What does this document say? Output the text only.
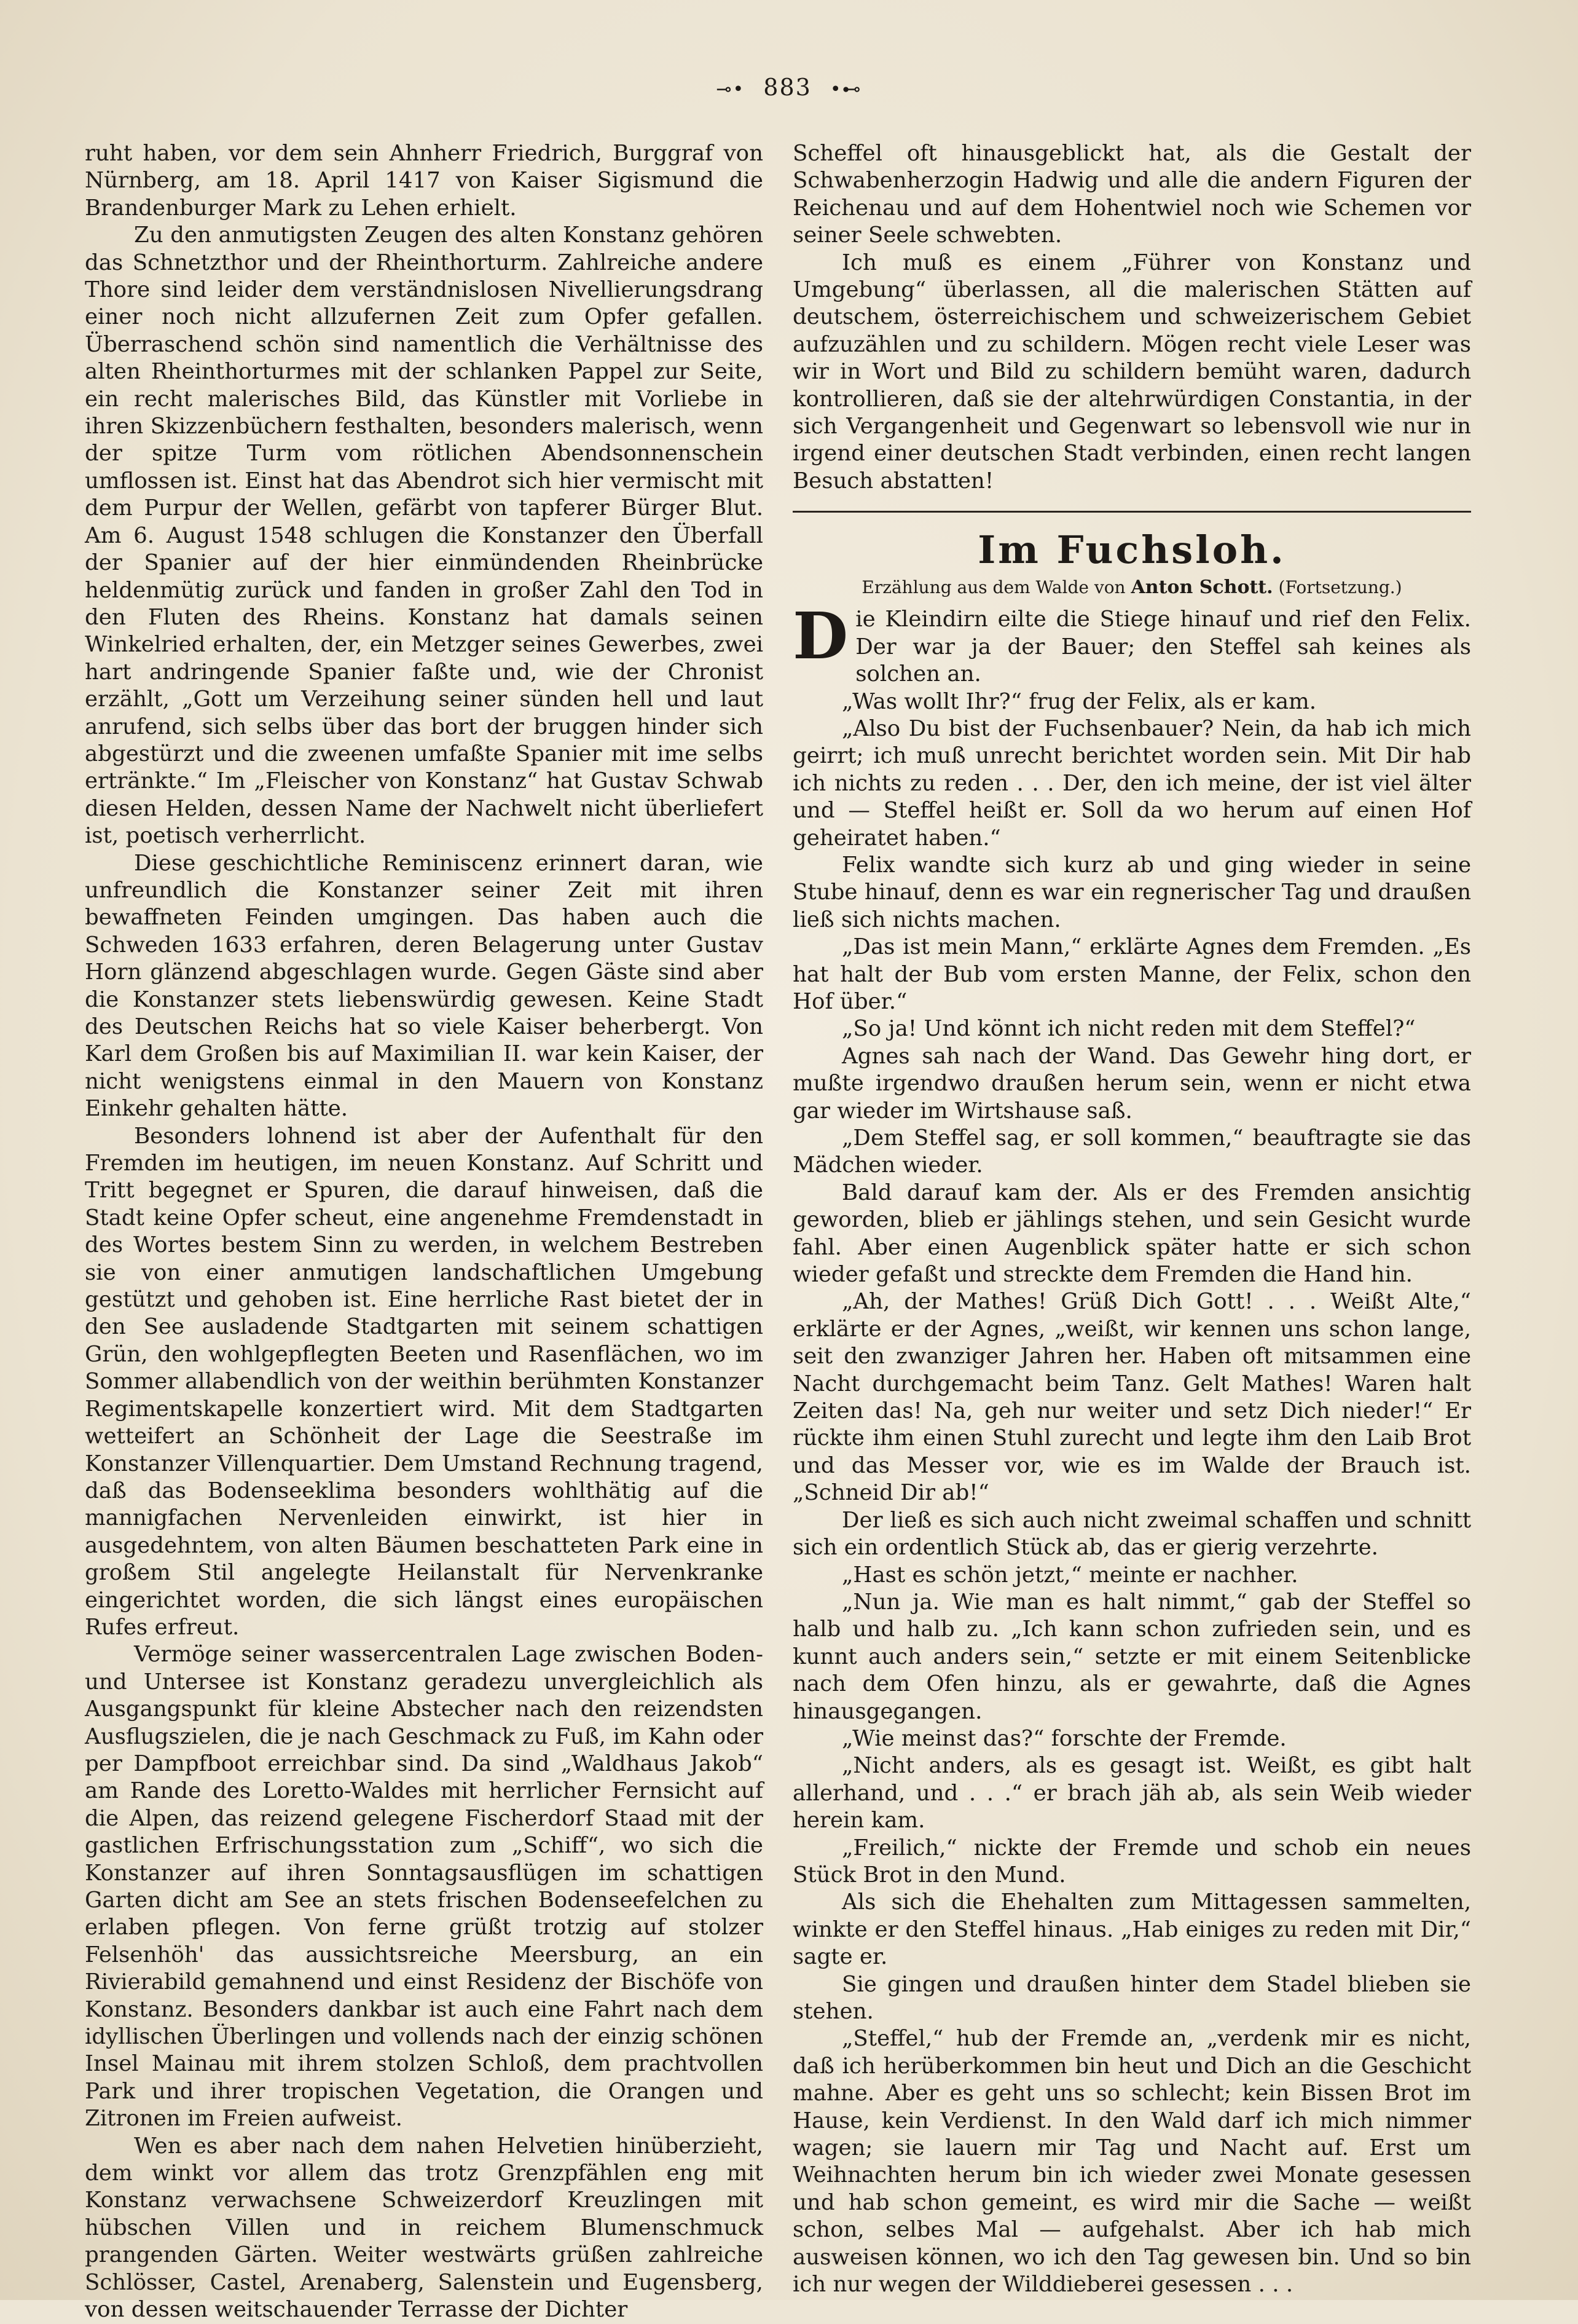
⊸• 883 •⊷

ruht haben, vor dem sein Ahnherr Friedrich, Burggraf von Nürnberg, am 18. April 1417 von Kaiser Sigismund die Brandenburger Mark zu Lehen erhielt.

Zu den anmutigsten Zeugen des alten Konstanz gehören das Schnetzthor und der Rheinthorturm. Zahlreiche andere Thore sind leider dem verständnislosen Nivellierungsdrang einer noch nicht allzufernen Zeit zum Opfer gefallen. Überraschend schön sind namentlich die Verhältnisse des alten Rheinthorturmes mit der schlanken Pappel zur Seite, ein recht malerisches Bild, das Künstler mit Vorliebe in ihren Skizzenbüchern festhalten, besonders malerisch, wenn der spitze Turm vom rötlichen Abendsonnenschein umflossen ist. Einst hat das Abendrot sich hier vermischt mit dem Purpur der Wellen, gefärbt von tapferer Bürger Blut. Am 6. August 1548 schlugen die Konstanzer den Überfall der Spanier auf der hier einmündenden Rheinbrücke heldenmütig zurück und fanden in großer Zahl den Tod in den Fluten des Rheins. Konstanz hat damals seinen Winkelried erhalten, der, ein Metzger seines Gewerbes, zwei hart andringende Spanier faßte und, wie der Chronist erzählt, „Gott um Verzeihung seiner sünden hell und laut anrufend, sich selbs über das bort der bruggen hinder sich abgestürzt und die zweenen umfaßte Spanier mit ime selbs ertränkte.“ Im „Fleischer von Konstanz“ hat Gustav Schwab diesen Helden, dessen Name der Nachwelt nicht überliefert ist, poetisch verherrlicht.

Diese geschichtliche Reminiscenz erinnert daran, wie unfreundlich die Konstanzer seiner Zeit mit ihren bewaffneten Feinden umgingen. Das haben auch die Schweden 1633 erfahren, deren Belagerung unter Gustav Horn glänzend abgeschlagen wurde. Gegen Gäste sind aber die Konstanzer stets liebenswürdig gewesen. Keine Stadt des Deutschen Reichs hat so viele Kaiser beherbergt. Von Karl dem Großen bis auf Maximilian II. war kein Kaiser, der nicht wenigstens einmal in den Mauern von Konstanz Einkehr gehalten hätte.

Besonders lohnend ist aber der Aufenthalt für den Fremden im heutigen, im neuen Konstanz. Auf Schritt und Tritt begegnet er Spuren, die darauf hinweisen, daß die Stadt keine Opfer scheut, eine angenehme Fremdenstadt in des Wortes bestem Sinn zu werden, in welchem Bestreben sie von einer anmutigen landschaftlichen Umgebung gestützt und gehoben ist. Eine herrliche Rast bietet der in den See ausladende Stadtgarten mit seinem schattigen Grün, den wohlgepflegten Beeten und Rasenflächen, wo im Sommer allabendlich von der weithin berühmten Konstanzer Regimentskapelle konzertiert wird. Mit dem Stadtgarten wetteifert an Schönheit der Lage die Seestraße im Konstanzer Villenquartier. Dem Umstand Rechnung tragend, daß das Bodenseeklima besonders wohlthätig auf die mannigfachen Nervenleiden einwirkt, ist hier in ausgedehntem, von alten Bäumen beschatteten Park eine in großem Stil angelegte Heilanstalt für Nervenkranke eingerichtet worden, die sich längst eines europäischen Rufes erfreut.

Vermöge seiner wassercentralen Lage zwischen Boden- und Untersee ist Konstanz geradezu unvergleichlich als Ausgangspunkt für kleine Abstecher nach den reizendsten Ausflugszielen, die je nach Geschmack zu Fuß, im Kahn oder per Dampfboot erreichbar sind. Da sind „Waldhaus Jakob“ am Rande des Loretto-Waldes mit herrlicher Fernsicht auf die Alpen, das reizend gelegene Fischerdorf Staad mit der gastlichen Erfrischungsstation zum „Schiff“, wo sich die Konstanzer auf ihren Sonntagsausflügen im schattigen Garten dicht am See an stets frischen Bodenseefelchen zu erlaben pflegen. Von ferne grüßt trotzig auf stolzer Felsenhöh' das aussichtsreiche Meersburg, an ein Rivierabild gemahnend und einst Residenz der Bischöfe von Konstanz. Besonders dankbar ist auch eine Fahrt nach dem idyllischen Überlingen und vollends nach der einzig schönen Insel Mainau mit ihrem stolzen Schloß, dem prachtvollen Park und ihrer tropischen Vegetation, die Orangen und Zitronen im Freien aufweist.

Wen es aber nach dem nahen Helvetien hinüberzieht, dem winkt vor allem das trotz Grenzpfählen eng mit Konstanz verwachsene Schweizerdorf Kreuzlingen mit hübschen Villen und in reichem Blumenschmuck prangenden Gärten. Weiter westwärts grüßen zahlreiche Schlösser, Castel, Arenaberg, Salenstein und Eugensberg, von dessen weitschauender Terrasse der Dichter

Scheffel oft hinausgeblickt hat, als die Gestalt der Schwabenherzogin Hadwig und alle die andern Figuren der Reichenau und auf dem Hohentwiel noch wie Schemen vor seiner Seele schwebten.

Ich muß es einem „Führer von Konstanz und Umgebung“ überlassen, all die malerischen Stätten auf deutschem, österreichischem und schweizerischem Gebiet aufzuzählen und zu schildern. Mögen recht viele Leser was wir in Wort und Bild zu schildern bemüht waren, dadurch kontrollieren, daß sie der altehrwürdigen Constantia, in der sich Vergangenheit und Gegenwart so lebensvoll wie nur in irgend einer deutschen Stadt verbinden, einen recht langen Besuch abstatten!

Im Fuchsloh.
Erzählung aus dem Walde von Anton Schott. (Fortsetzung.)

Die Kleindirn eilte die Stiege hinauf und rief den Felix. Der war ja der Bauer; den Steffel sah keines als solchen an.

„Was wollt Ihr?“ frug der Felix, als er kam.

„Also Du bist der Fuchsenbauer? Nein, da hab ich mich geirrt; ich muß unrecht berichtet worden sein. Mit Dir hab ich nichts zu reden . . . Der, den ich meine, der ist viel älter und — Steffel heißt er. Soll da wo herum auf einen Hof geheiratet haben.“

Felix wandte sich kurz ab und ging wieder in seine Stube hinauf, denn es war ein regnerischer Tag und draußen ließ sich nichts machen.

„Das ist mein Mann,“ erklärte Agnes dem Fremden. „Es hat halt der Bub vom ersten Manne, der Felix, schon den Hof über.“

„So ja! Und könnt ich nicht reden mit dem Steffel?“

Agnes sah nach der Wand. Das Gewehr hing dort, er mußte irgendwo draußen herum sein, wenn er nicht etwa gar wieder im Wirtshause saß.

„Dem Steffel sag, er soll kommen,“ beauftragte sie das Mädchen wieder.

Bald darauf kam der. Als er des Fremden ansichtig geworden, blieb er jählings stehen, und sein Gesicht wurde fahl. Aber einen Augenblick später hatte er sich schon wieder gefaßt und streckte dem Fremden die Hand hin.

„Ah, der Mathes! Grüß Dich Gott! . . . Weißt Alte,“ erklärte er der Agnes, „weißt, wir kennen uns schon lange, seit den zwanziger Jahren her. Haben oft mitsammen eine Nacht durchgemacht beim Tanz. Gelt Mathes! Waren halt Zeiten das! Na, geh nur weiter und setz Dich nieder!“ Er rückte ihm einen Stuhl zurecht und legte ihm den Laib Brot und das Messer vor, wie es im Walde der Brauch ist. „Schneid Dir ab!“

Der ließ es sich auch nicht zweimal schaffen und schnitt sich ein ordentlich Stück ab, das er gierig verzehrte.

„Hast es schön jetzt,“ meinte er nachher.

„Nun ja. Wie man es halt nimmt,“ gab der Steffel so halb und halb zu. „Ich kann schon zufrieden sein, und es kunnt auch anders sein,“ setzte er mit einem Seitenblicke nach dem Ofen hinzu, als er gewahrte, daß die Agnes hinausgegangen.

„Wie meinst das?“ forschte der Fremde.

„Nicht anders, als es gesagt ist. Weißt, es gibt halt allerhand, und . . .“ er brach jäh ab, als sein Weib wieder herein kam.

„Freilich,“ nickte der Fremde und schob ein neues Stück Brot in den Mund.

Als sich die Ehehalten zum Mittagessen sammelten, winkte er den Steffel hinaus. „Hab einiges zu reden mit Dir,“ sagte er.

Sie gingen und draußen hinter dem Stadel blieben sie stehen.

„Steffel,“ hub der Fremde an, „verdenk mir es nicht, daß ich herüberkommen bin heut und Dich an die Geschicht mahne. Aber es geht uns so schlecht; kein Bissen Brot im Hause, kein Verdienst. In den Wald darf ich mich nimmer wagen; sie lauern mir Tag und Nacht auf. Erst um Weihnachten herum bin ich wieder zwei Monate gesessen und hab schon gemeint, es wird mir die Sache — weißt schon, selbes Mal — aufgehalst. Aber ich hab mich ausweisen können, wo ich den Tag gewesen bin. Und so bin ich nur wegen der Wilddieberei gesessen . . .
